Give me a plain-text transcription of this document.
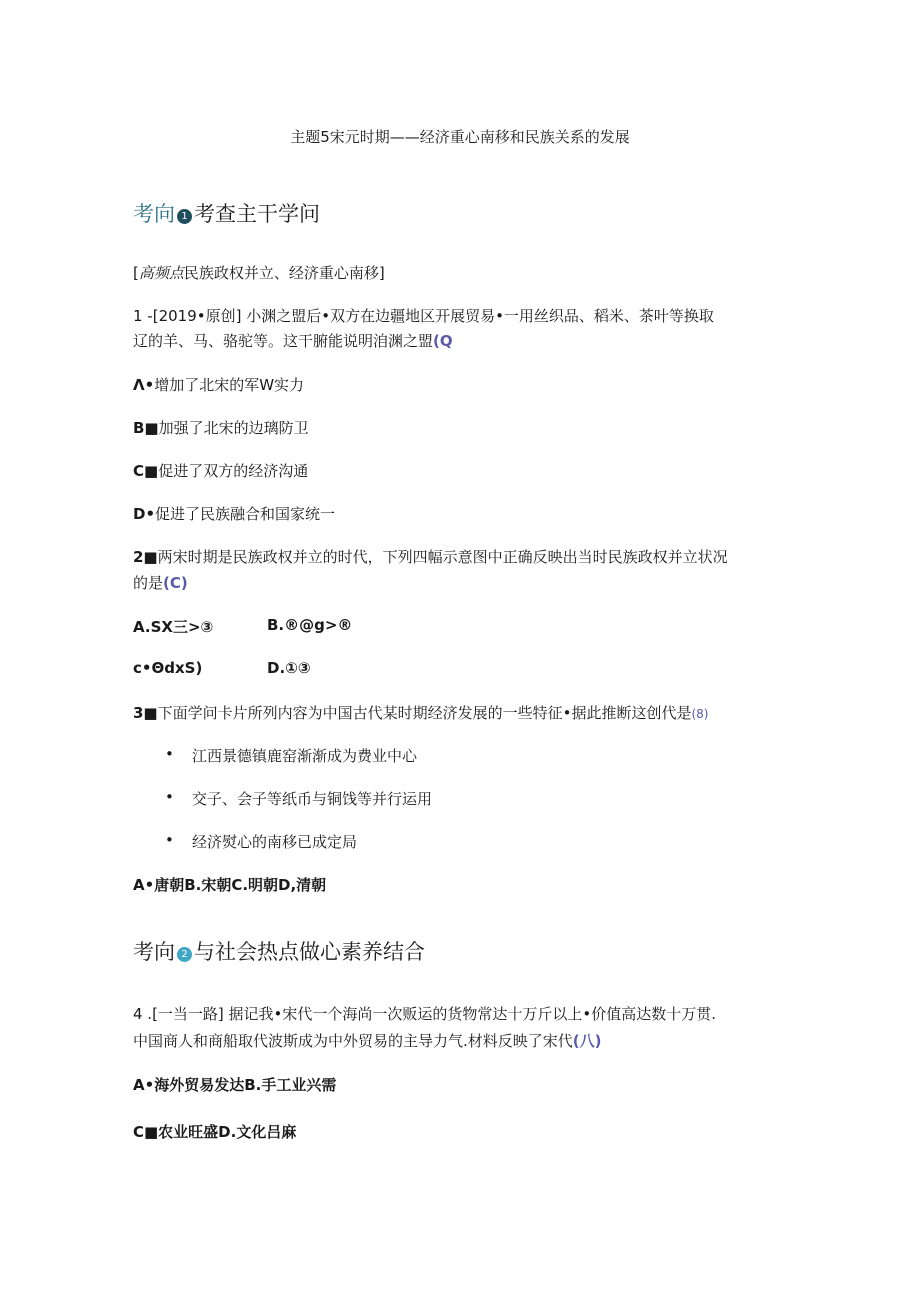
主题5宋元时期——经济重心南移和民族关系的发展
考向 1 考查主干学问
[高频点民族政权并立、经济重心南移]
1 -[2019•原创] 小渊之盟后•双方在边疆地区开展贸易•一用丝织品、稻米、茶叶等换取
辽的羊、马、骆驼等。这干腑能说明洎渊之盟(Q
Λ•增加了北宋的军W实力
B■加强了北宋的边璃防卫
C■促进了双方的经济沟通
D•促进了民族融合和国家统一
2■两宋时期是民族政权并立的时代，下列四幅示意图中正确反映出当时民族政权并立状况
的是(C)
A.SX三>③	B.®@g>®
c•ΘdxS)	D.①③
3■下面学问卡片所列内容为中国古代某时期经济发展的一些特征•据此推断这创代是(8)
• 江西景德镇鹿窑渐渐成为费业中心
• 交子、会子等纸币与铜饯等并行运用
• 经济熨心的南移已成定局
A•唐朝B.宋朝C.明朝D,清朝
考向 2 与社会热点做心素养结合
4 .[一当一路] 据记我•宋代一个海尚一次贩运的货物常达十万斤以上•价值高达数十万贯.
中国商人和商船取代波斯成为中外贸易的主导力气.材料反映了宋代(八)
A•海外贸易发达B.手工业兴需
C■农业旺盛D.文化吕麻
